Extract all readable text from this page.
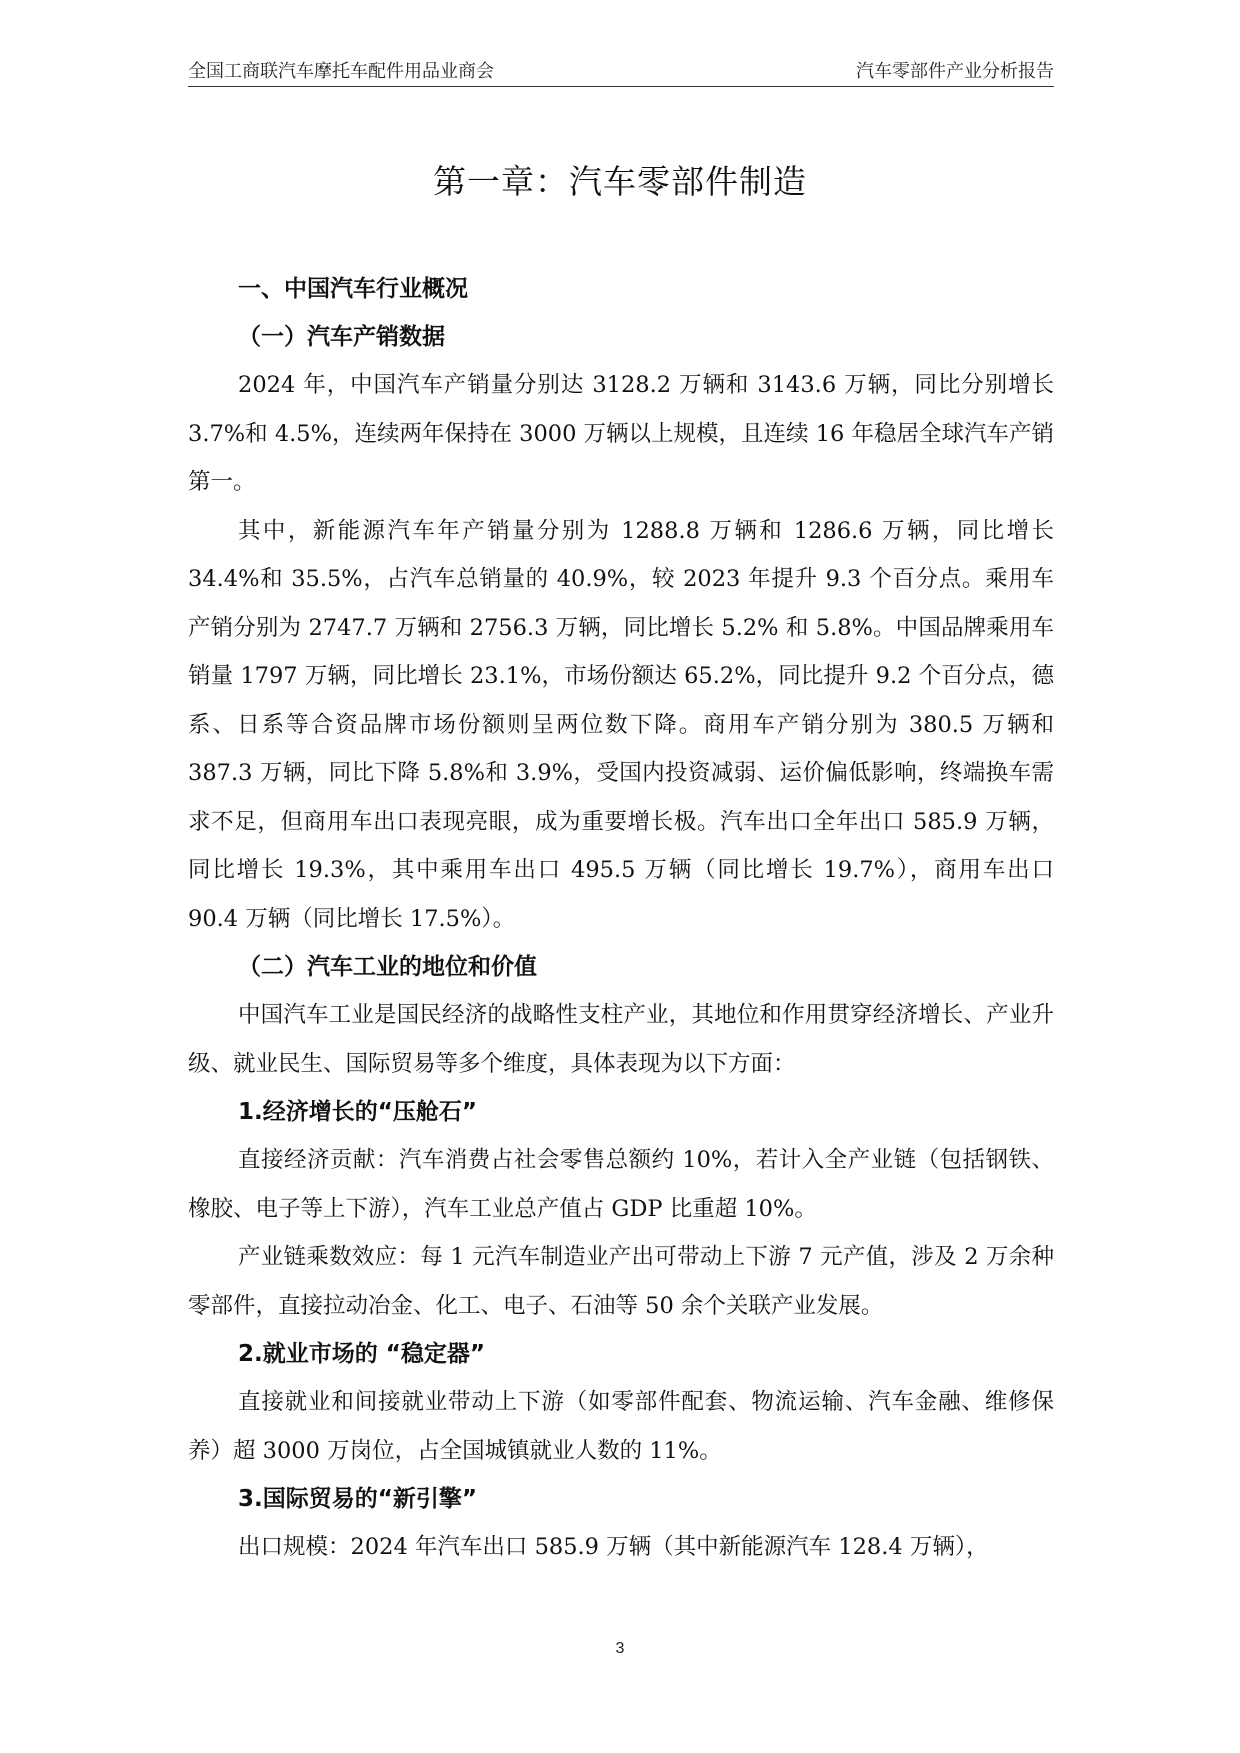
全国工商联汽车摩托车配件用品业商会	汽车零部件产业分析报告
第一章：汽车零部件制造

一、中国汽车行业概况

（一）汽车产销数据

2024 年，中国汽车产销量分别达 3128.2 万辆和 3143.6 万辆，同比分别增长 3.7%和 4.5%，连续两年保持在 3000 万辆以上规模，且连续 16 年稳居全球汽车产销第一。

其中，新能源汽车年产销量分别为 1288.8 万辆和 1286.6 万辆，同比增长 34.4%和 35.5%，占汽车总销量的 40.9%，较 2023 年提升 9.3 个百分点。乘用车产销分别为 2747.7 万辆和 2756.3 万辆，同比增长 5.2% 和 5.8%。中国品牌乘用车销量 1797 万辆，同比增长 23.1%，市场份额达 65.2%，同比提升 9.2 个百分点，德系、日系等合资品牌市场份额则呈两位数下降。商用车产销分别为 380.5 万辆和 387.3 万辆，同比下降 5.8%和 3.9%，受国内投资减弱、运价偏低影响，终端换车需求不足，但商用车出口表现亮眼，成为重要增长极。汽车出口全年出口 585.9 万辆，同比增长 19.3%，其中乘用车出口 495.5 万辆（同比增长 19.7%），商用车出口 90.4 万辆（同比增长 17.5%）。

（二）汽车工业的地位和价值

中国汽车工业是国民经济的战略性支柱产业，其地位和作用贯穿经济增长、产业升级、就业民生、国际贸易等多个维度，具体表现为以下方面：

1.经济增长的“压舱石”

直接经济贡献：汽车消费占社会零售总额约 10%，若计入全产业链（包括钢铁、橡胶、电子等上下游），汽车工业总产值占 GDP 比重超 10%。

产业链乘数效应：每 1 元汽车制造业产出可带动上下游 7 元产值，涉及 2 万余种零部件，直接拉动冶金、化工、电子、石油等 50 余个关联产业发展。

2.就业市场的 “稳定器”

直接就业和间接就业带动上下游（如零部件配套、物流运输、汽车金融、维修保养）超 3000 万岗位，占全国城镇就业人数的 11%。

3.国际贸易的“新引擎”

出口规模：2024 年汽车出口 585.9 万辆（其中新能源汽车 128.4 万辆），

3
